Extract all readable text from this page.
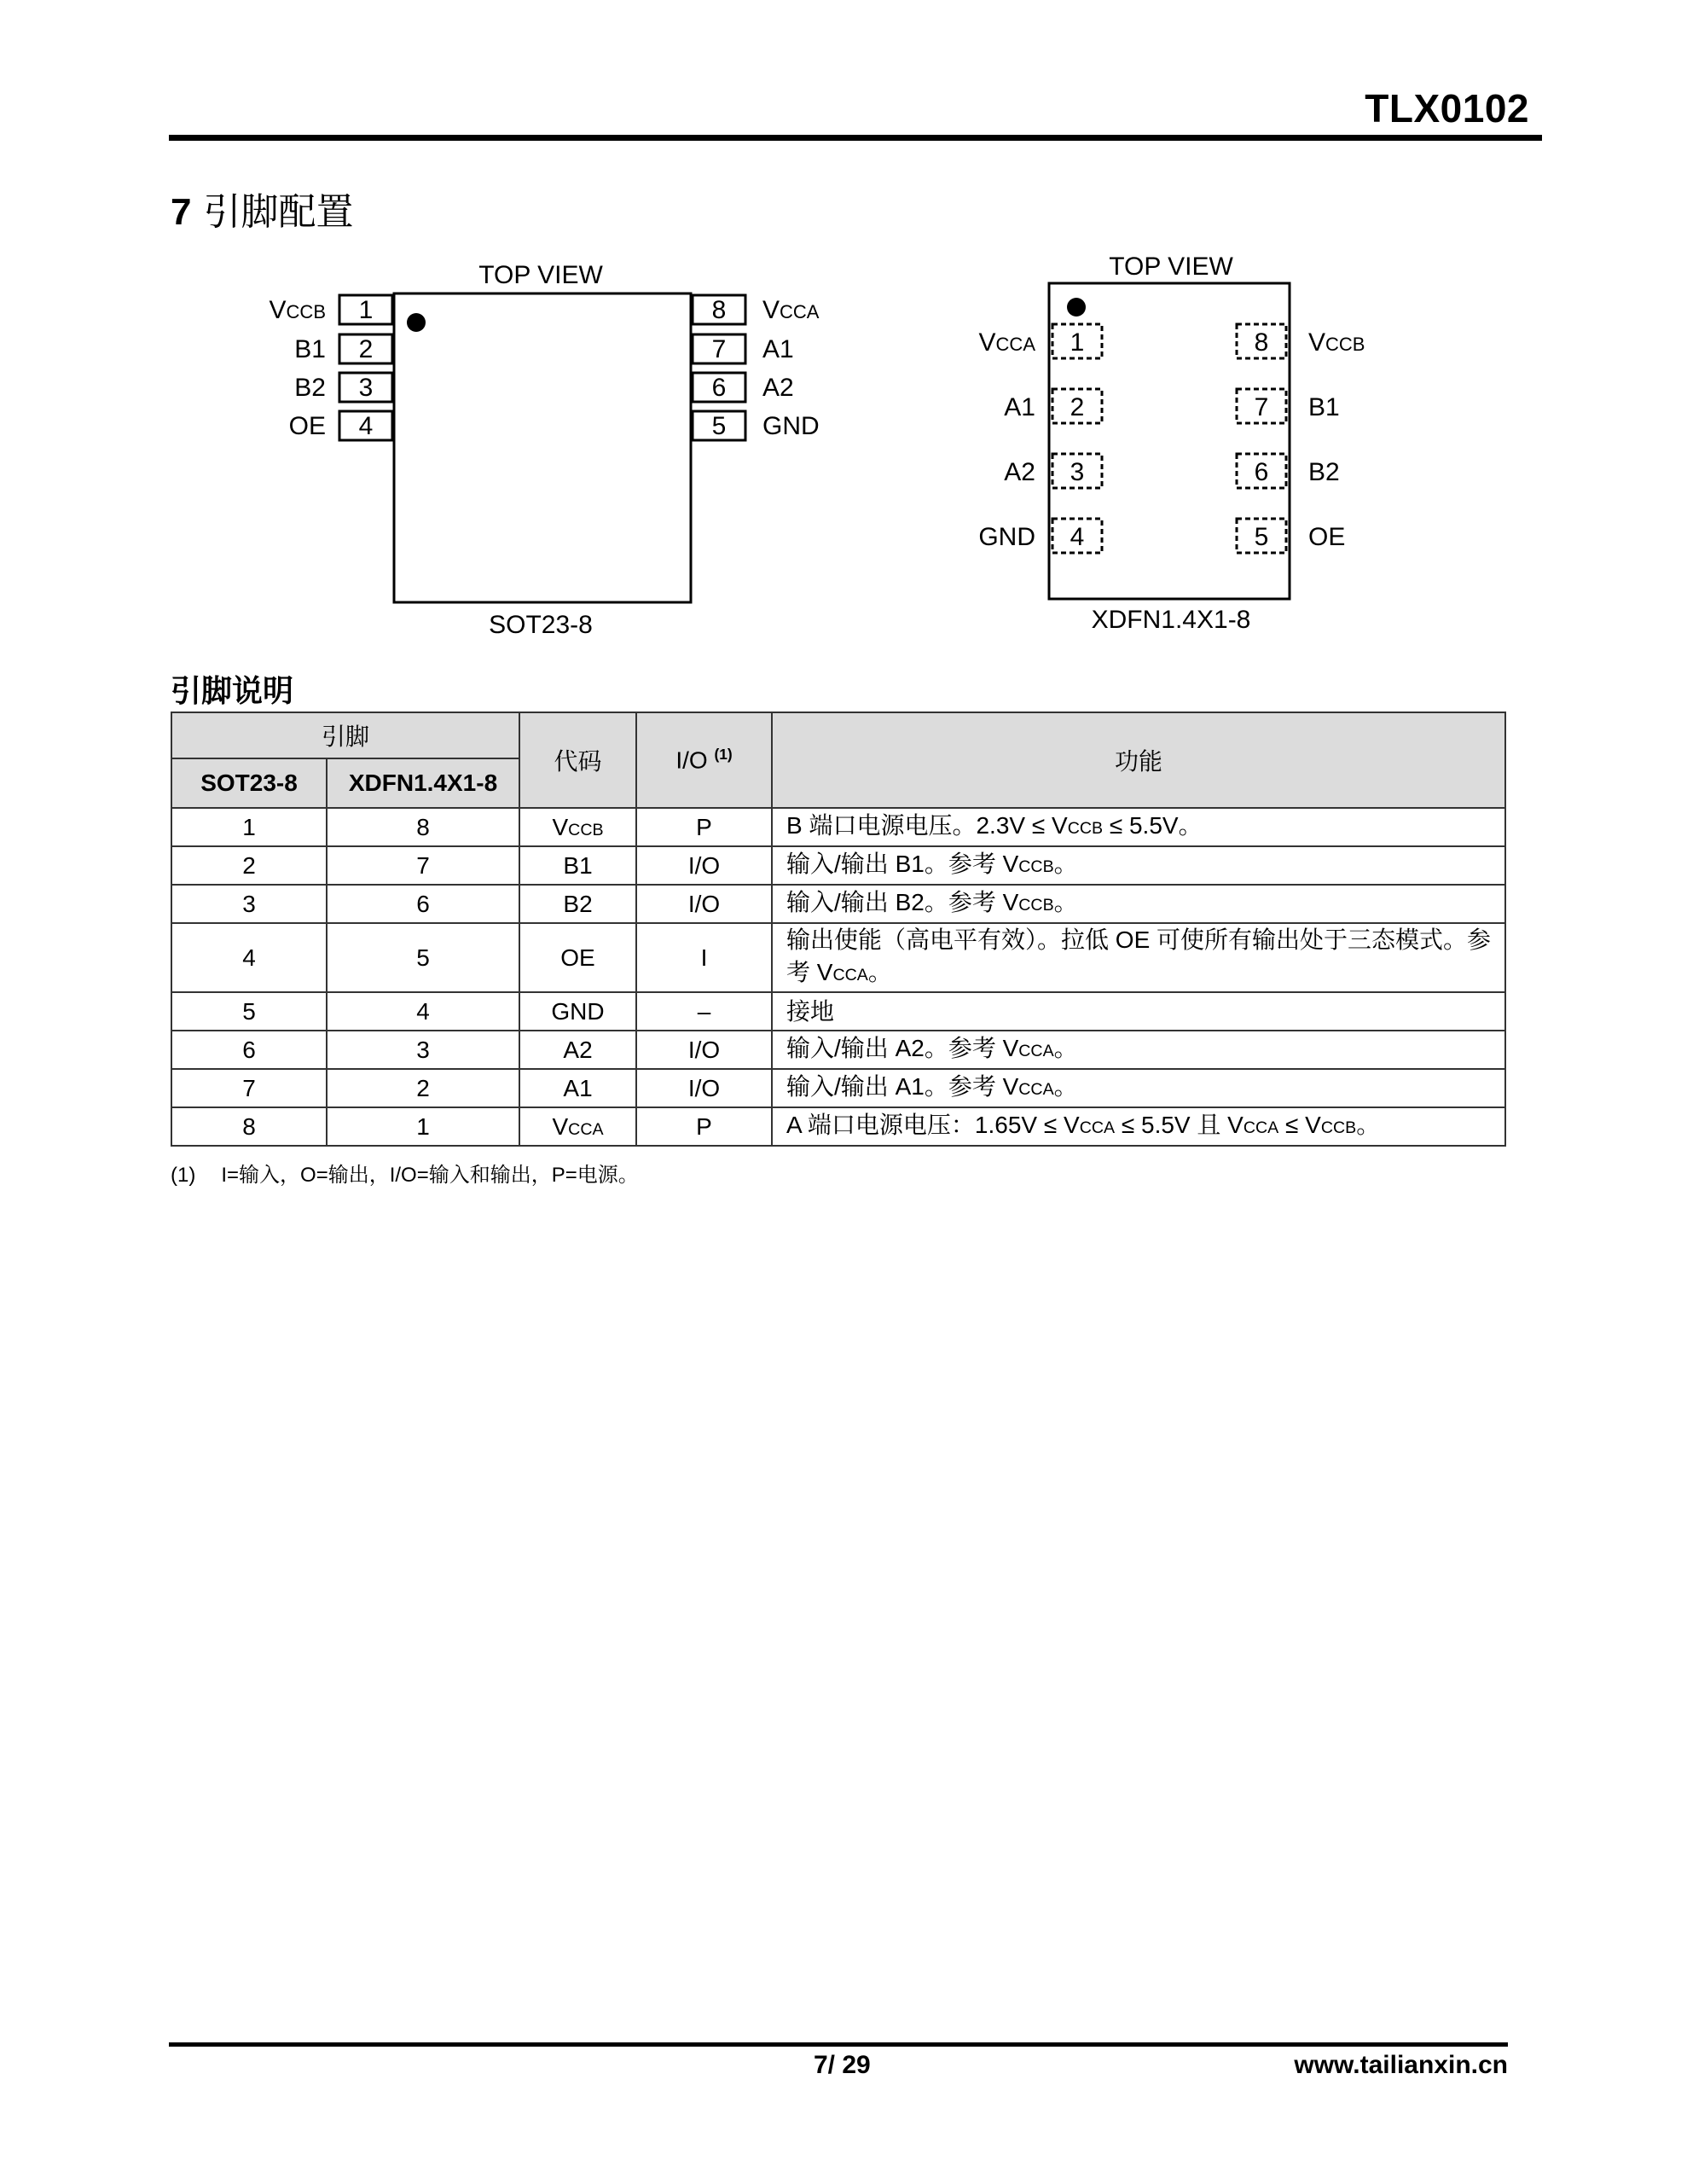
TLX0102
7 引脚配置
TOP VIEW
1
VCCB
2
B1
3
B2
4
OE
8 VCCA
7 A1
6 A2
5 GND
SOT23-8
TOP VIEW
1
VCCA
2
A1
3
A2
4
GND
8 VCCB
7 B1
6 B2
5 OE
XDFN1.4X1-8
引脚说明
引脚		代码	I/O $^{(1)}$	功能
SOT23-8	XDFN1.4X1-8			
1	8	VCCB	P	B 端口电源电压。2.3V ≤ VCCB ≤ 5.5V。
2	7	B1	I/O	输入/输出 B1。参考 VCCB。
3	6	B2	I/O	输入/输出 B2。参考 VCCB。
4	5	OE	I	输出使能（高电平有效）。拉低 OE 可使所有输出处于三态模式。参考 VCCA。
5	4	GND	–	接地
6	3	A2	I/O	输入/输出 A2。参考 VCCA。
7	2	A1	I/O	输入/输出 A1。参考 VCCA。
8	1	VCCA	P	A 端口电源电压：1.65V ≤ VCCA ≤ 5.5V 且 VCCA ≤ VCCB。
(1) I=输入，O=输出，I/O=输入和输出，P=电源。
7/ 29	www.tailianxin.cn
